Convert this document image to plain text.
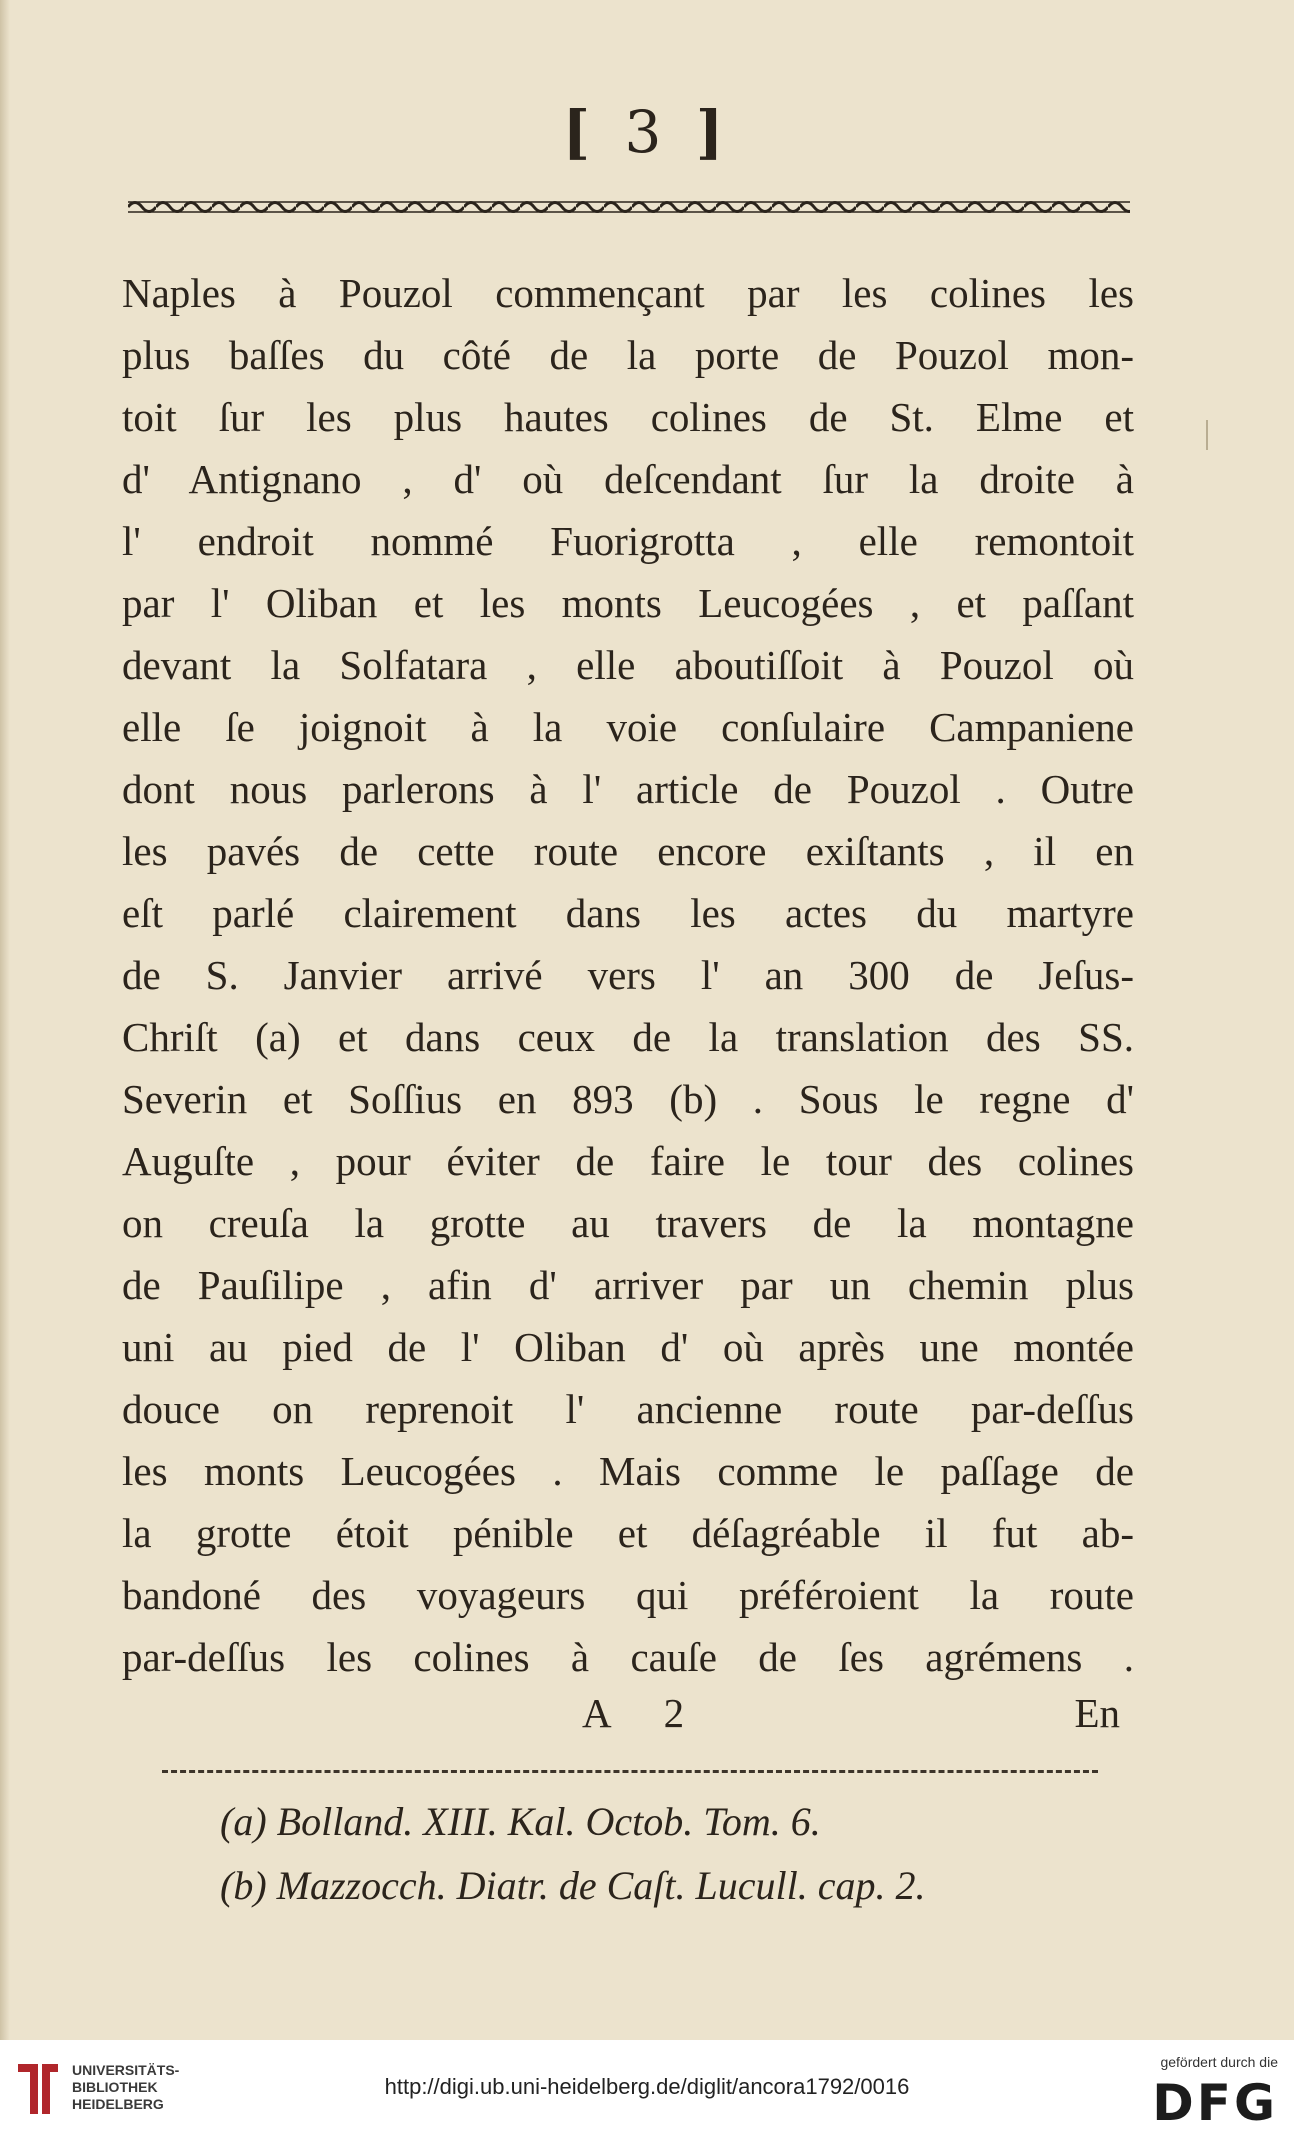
[ 3 ]
Naples à Pouzol commençant par les colines les
plus baſſes du côté de la porte de Pouzol mon-
toit ſur les plus hautes colines de St. Elme et
d' Antignano , d' où deſcendant ſur la droite à
l' endroit nommé Fuorigrotta , elle remontoit
par l' Oliban et les monts Leucogées , et paſſant
devant la Solfatara , elle aboutiſſoit à Pouzol où
elle ſe joignoit à la voie conſulaire Campaniene
dont nous parlerons à l' article de Pouzol . Outre
les pavés de cette route encore exiſtants , il en
eſt parlé clairement dans les actes du martyre
de S. Janvier arrivé vers l' an 300 de Jeſus-
Chriſt (a) et dans ceux de la translation des SS.
Severin et Soſſius en 893 (b) . Sous le regne d'
Auguſte , pour éviter de faire le tour des colines
on creuſa la grotte au travers de la montagne
de Pauſilipe , afin d' arriver par un chemin plus
uni au pied de l' Oliban d' où après une montée
douce on reprenoit l' ancienne route par-deſſus
les monts Leucogées . Mais comme le paſſage de
la grotte étoit pénible et déſagréable il fut ab-
bandoné des voyageurs qui préféroient la route
par-deſſus les colines à cauſe de ſes agrémens .
A 2	En
(a) Bolland. XIII. Kal. Octob. Tom. 6.
(b) Mazzocch. Diatr. de Caſt. Lucull. cap. 2.
UNIVERSITÄTS-
BIBLIOTHEK
HEIDELBERG
http://digi.ub.uni-heidelberg.de/diglit/ancora1792/0016
gefördert durch die
DFG
